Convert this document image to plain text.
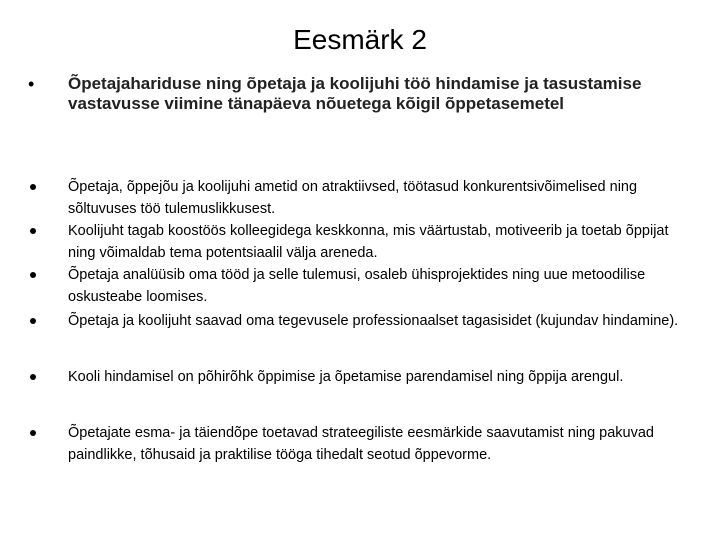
Eesmärk 2
• Õpetajahariduse ning õpetaja ja koolijuhi töö hindamise ja tasustamise vastavusse viimine tänapäeva nõuetega kõigil õppetasemetel
Õpetaja, õppejõu ja koolijuhi ametid on atraktiivsed, töötasud konkurentsivõimelised ning sõltuvuses töö tulemuslikkusest.
Koolijuht tagab koostöös kolleegidega keskkonna, mis väärtustab, motiveerib ja toetab õppijat ning võimaldab tema potentsiaalil välja areneda.
Õpetaja analüüsib oma tööd ja selle tulemusi, osaleb ühisprojektides ning uue metoodilise oskusteabe loomises.
Õpetaja ja koolijuht saavad oma tegevusele professionaalset tagasisidet (kujundav hindamine).
Kooli hindamisel on põhirõhk õppimise ja õpetamise parendamisel ning õppija arengul.
Õpetajate esma- ja täiendõpe toetavad strateegiliste eesmärkide saavutamist ning pakuvad paindlikke, tõhusaid ja praktilise tööga tihedalt seotud õppevorme.
